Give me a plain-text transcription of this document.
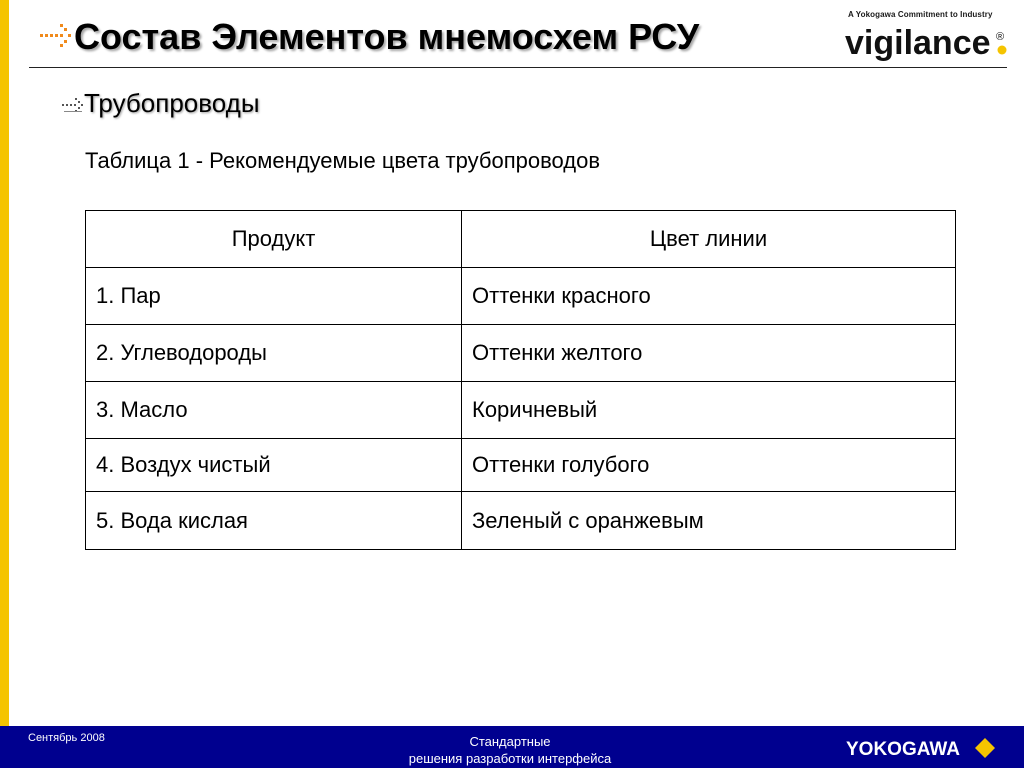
Состав Элементов мнемосхем РСУ
A Yokogawa Commitment to Industry
vigilance ®
Трубопроводы

Таблица 1 - Рекомендуемые цвета трубопроводов

Продукт	Цвет линии
1. Пар	Оттенки красного
2. Углеводороды	Оттенки желтого
3. Масло	Коричневый
4. Воздух чистый	Оттенки голубого
5. Вода кислая	Зеленый с оранжевым
Сентябрь 2008	Стандартные
решения разработки интерфейса	YOKOGAWA
